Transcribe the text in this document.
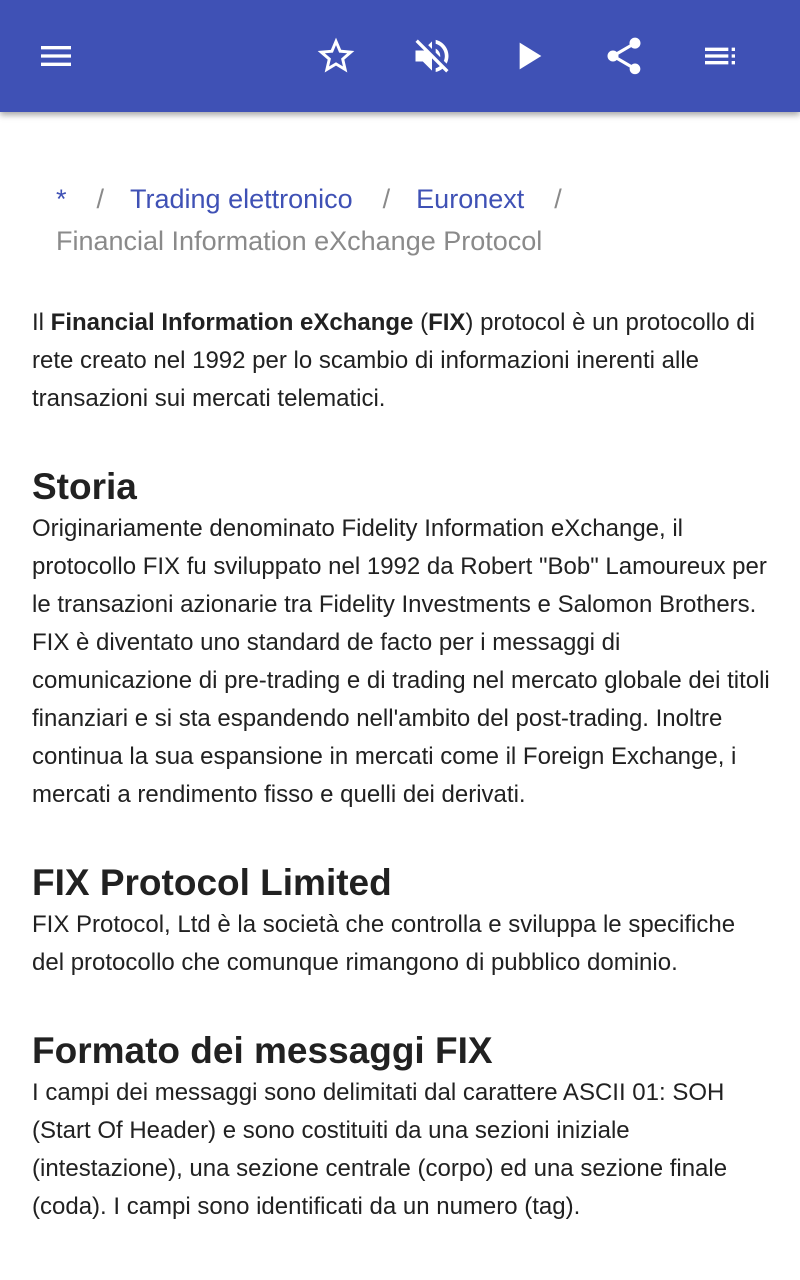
* / Trading elettronico / Euronext /
Financial Information eXchange Protocol

Il Financial Information eXchange (FIX) protocol è un protocollo di rete creato nel 1992 per lo scambio di informazioni inerenti alle transazioni sui mercati telematici.

Storia

Originariamente denominato Fidelity Information eXchange, il protocollo FIX fu sviluppato nel 1992 da Robert "Bob" Lamoureux per le transazioni azionarie tra Fidelity Investments e Salomon Brothers. FIX è diventato uno standard de facto per i messaggi di comunicazione di pre-trading e di trading nel mercato globale dei titoli finanziari e si sta espandendo nell'ambito del post-trading. Inoltre continua la sua espansione in mercati come il Foreign Exchange, i mercati a rendimento fisso e quelli dei derivati.

FIX Protocol Limited

FIX Protocol, Ltd è la società che controlla e sviluppa le specifiche del protocollo che comunque rimangono di pubblico dominio.

Formato dei messaggi FIX

I campi dei messaggi sono delimitati dal carattere ASCII 01: SOH (Start Of Header) e sono costituiti da una sezioni iniziale (intestazione), una sezione centrale (corpo) ed una sezione finale (coda). I campi sono identificati da un numero (tag).
